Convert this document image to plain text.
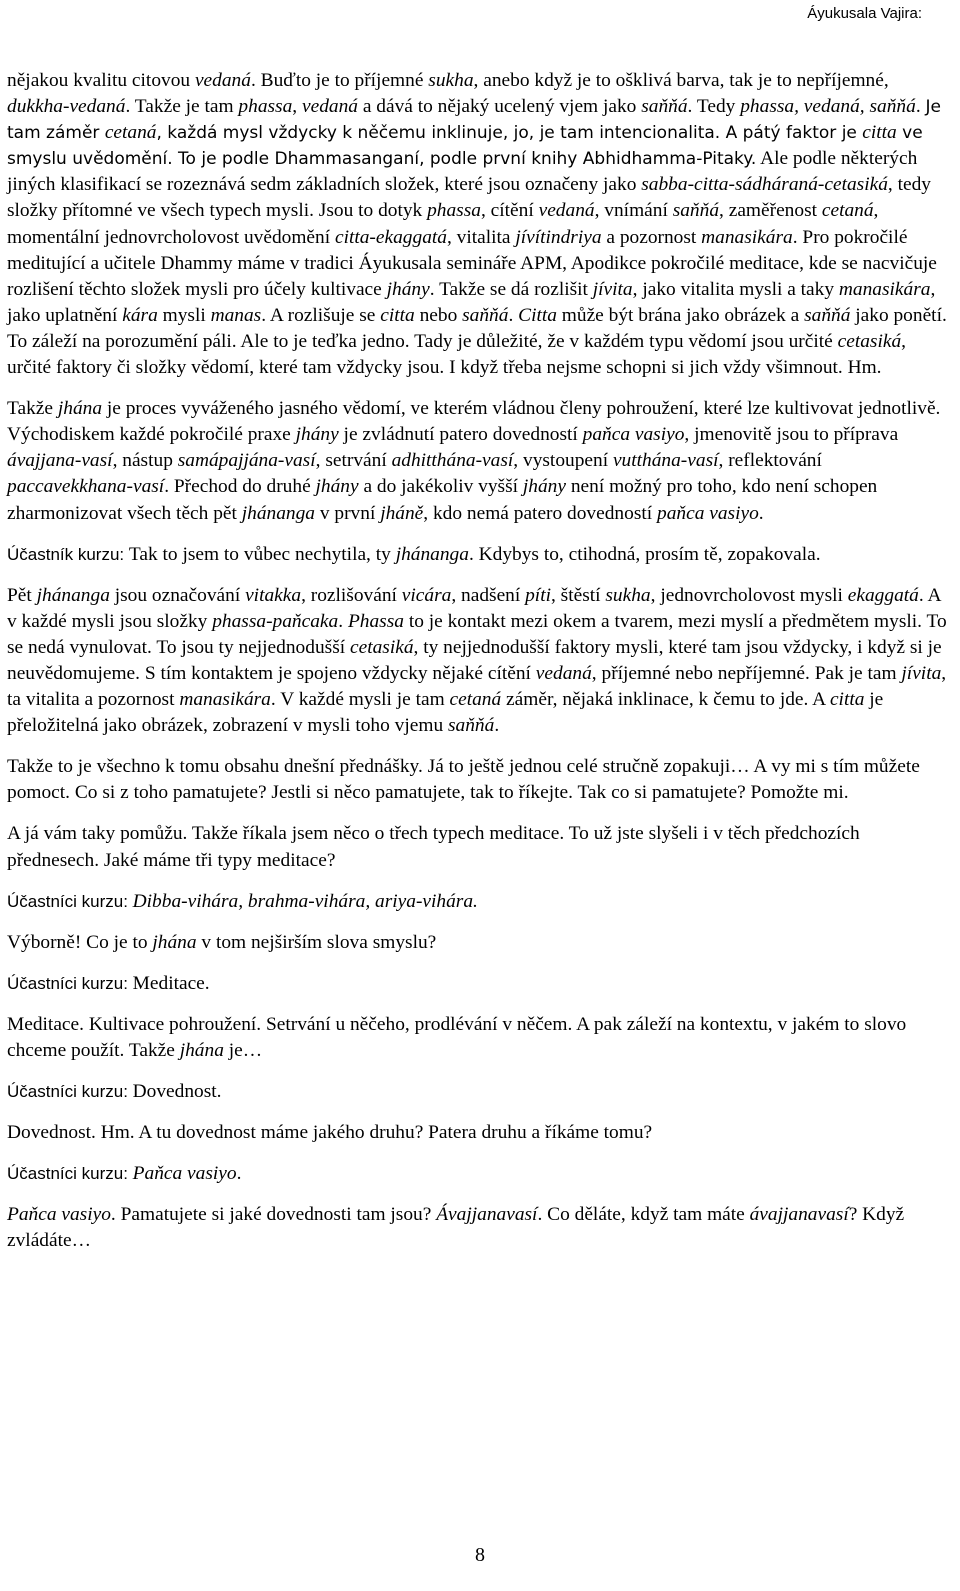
Áyukusala Vajira:

nějakou kvalitu citovou vedaná. Buďto je to příjemné sukha, anebo když je to ošklivá barva, tak je to nepříjemné, dukkha-vedaná. Takže je tam phassa, vedaná a dává to nějaký ucelený vjem jako saňňá. Tedy phassa, vedaná, saňňá. Je tam záměr cetaná, každá mysl vždycky k něčemu inklinuje, jo, je tam intencionalita. A pátý faktor je citta ve smyslu uvědomění. To je podle Dhammasanganí, podle první knihy Abhidhamma-Pitaky. Ale podle některých jiných klasifikací se rozeznává sedm základních složek, které jsou označeny jako sabba-citta-sádháraná-cetasiká, tedy složky přítomné ve všech typech mysli. Jsou to dotyk phassa, cítění vedaná, vnímání saňňá, zaměřenost cetaná, momentální jednovrcholovost uvědomění citta-ekaggatá, vitalita jívítindriya a pozornost manasikára. Pro pokročilé meditující a učitele Dhammy máme v tradici Áyukusala semináře APM, Apodikce pokročilé meditace, kde se nacvičuje rozlišení těchto složek mysli pro účely kultivace jhány. Takže se dá rozlišit jívita, jako vitalita mysli a taky manasikára, jako uplatnění kára mysli manas. A rozlišuje se citta nebo saňňá. Citta může být brána jako obrázek a saňňá jako ponětí. To záleží na porozumění páli. Ale to je teďka jedno. Tady je důležité, že v každém typu vědomí jsou určité cetasiká, určité faktory či složky vědomí, které tam vždycky jsou. I když třeba nejsme schopni si jich vždy všimnout. Hm.

Takže jhána je proces vyváženého jasného vědomí, ve kterém vládnou členy pohroužení, které lze kultivovat jednotlivě. Východiskem každé pokročilé praxe jhány je zvládnutí patero dovedností paňca vasiyo, jmenovitě jsou to příprava ávajjana-vasí, nástup samápajjána-vasí, setrvání adhitthána-vasí, vystoupení vutthána-vasí, reflektování paccavekkhana-vasí. Přechod do druhé jhány a do jakékoliv vyšší jhány není možný pro toho, kdo není schopen zharmonizovat všech těch pět jhánanga v první jháně, kdo nemá patero dovedností paňca vasiyo.

Účastník kurzu: Tak to jsem to vůbec nechytila, ty jhánanga. Kdybys to, ctihodná, prosím tě, zopakovala.

Pět jhánanga jsou označování vitakka, rozlišování vicára, nadšení píti, štěstí sukha, jednovrcholovost mysli ekaggatá. A v každé mysli jsou složky phassa-paňcaka. Phassa to je kontakt mezi okem a tvarem, mezi myslí a předmětem mysli. To se nedá vynulovat. To jsou ty nejjednodušší cetasiká, ty nejjednodušší faktory mysli, které tam jsou vždycky, i když si je neuvědomujeme. S tím kontaktem je spojeno vždycky nějaké cítění vedaná, příjemné nebo nepříjemné. Pak je tam jívita, ta vitalita a pozornost manasikára. V každé mysli je tam cetaná záměr, nějaká inklinace, k čemu to jde. A citta je přeložitelná jako obrázek, zobrazení v mysli toho vjemu saňňá.

Takže to je všechno k tomu obsahu dnešní přednášky. Já to ještě jednou celé stručně zopakuji… A vy mi s tím můžete pomoct. Co si z toho pamatujete? Jestli si něco pamatujete, tak to říkejte. Tak co si pamatujete? Pomožte mi.

A já vám taky pomůžu. Takže říkala jsem něco o třech typech meditace. To už jste slyšeli i v těch předchozích přednesech. Jaké máme tři typy meditace?

Účastníci kurzu: Dibba-vihára, brahma-vihára, ariya-vihára.

Výborně! Co je to jhána v tom nejširším slova smyslu?

Účastníci kurzu: Meditace.

Meditace. Kultivace pohroužení. Setrvání u něčeho, prodlévání v něčem. A pak záleží na kontextu, v jakém to slovo chceme použít. Takže jhána je…

Účastníci kurzu: Dovednost.

Dovednost. Hm. A tu dovednost máme jakého druhu? Patera druhu a říkáme tomu?

Účastníci kurzu: Paňca vasiyo.

Paňca vasiyo. Pamatujete si jaké dovednosti tam jsou? Ávajjanavasí. Co děláte, když tam máte ávajjanavasí? Když zvládáte…

8
